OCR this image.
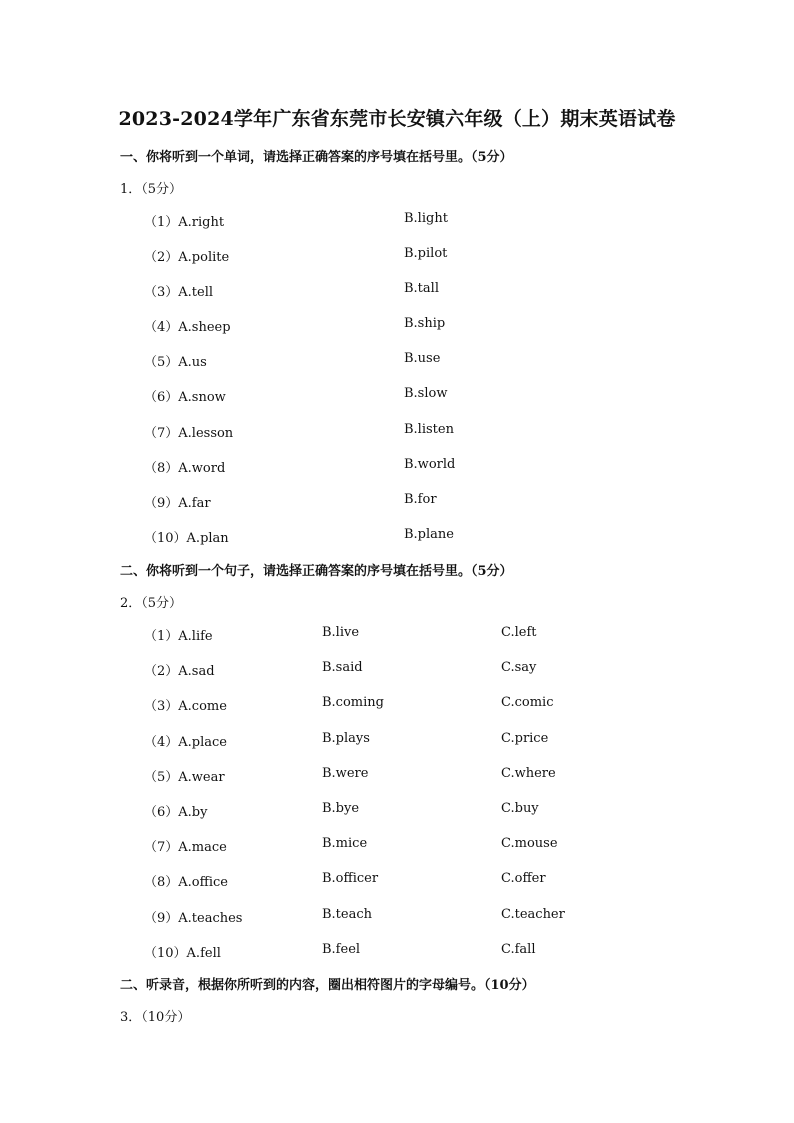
2023-2024学年广东省东莞市长安镇六年级（上）期末英语试卷
一、你将听到一个单词，请选择正确答案的序号填在括号里。（5分）
1．（5分）
（1）A.right	B.light
（2）A.polite	B.pilot
（3）A.tell	B.tall
（4）A.sheep	B.ship
（5）A.us	B.use
（6）A.snow	B.slow
（7）A.lesson	B.listen
（8）A.word	B.world
（9）A.far	B.for
（10）A.plan	B.plane
二、你将听到一个句子，请选择正确答案的序号填在括号里。（5分）
2．（5分）
（1）A.life	B.live	C.left
（2）A.sad	B.said	C.say
（3）A.come	B.coming	C.comic
（4）A.place	B.plays	C.price
（5）A.wear	B.were	C.where
（6）A.by	B.bye	C.buy
（7）A.mace	B.mice	C.mouse
（8）A.office	B.officer	C.offer
（9）A.teaches	B.teach	C.teacher
（10）A.fell	B.feel	C.fall
二、听录音，根据你所听到的内容，圈出相符图片的字母编号。（10分）
3．（10分）
